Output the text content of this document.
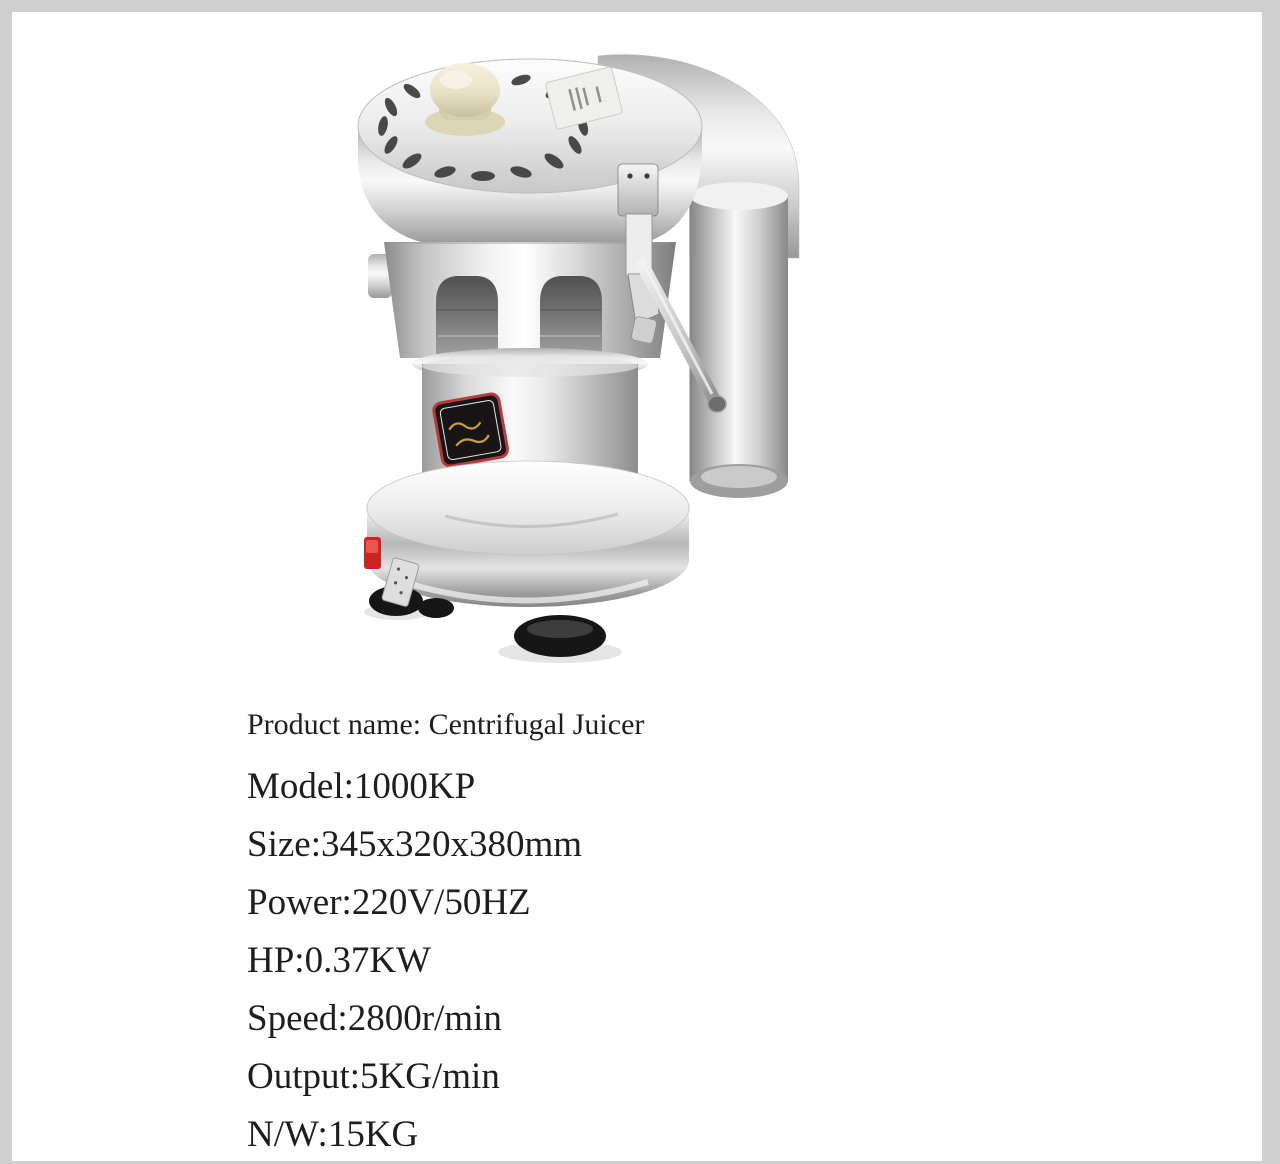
Product name: Centrifugal Juicer
Model:1000KP
Size:345x320x380mm
Power:220V/50HZ
HP:0.37KW
Speed:2800r/min
Output:5KG/min
N/W:15KG
